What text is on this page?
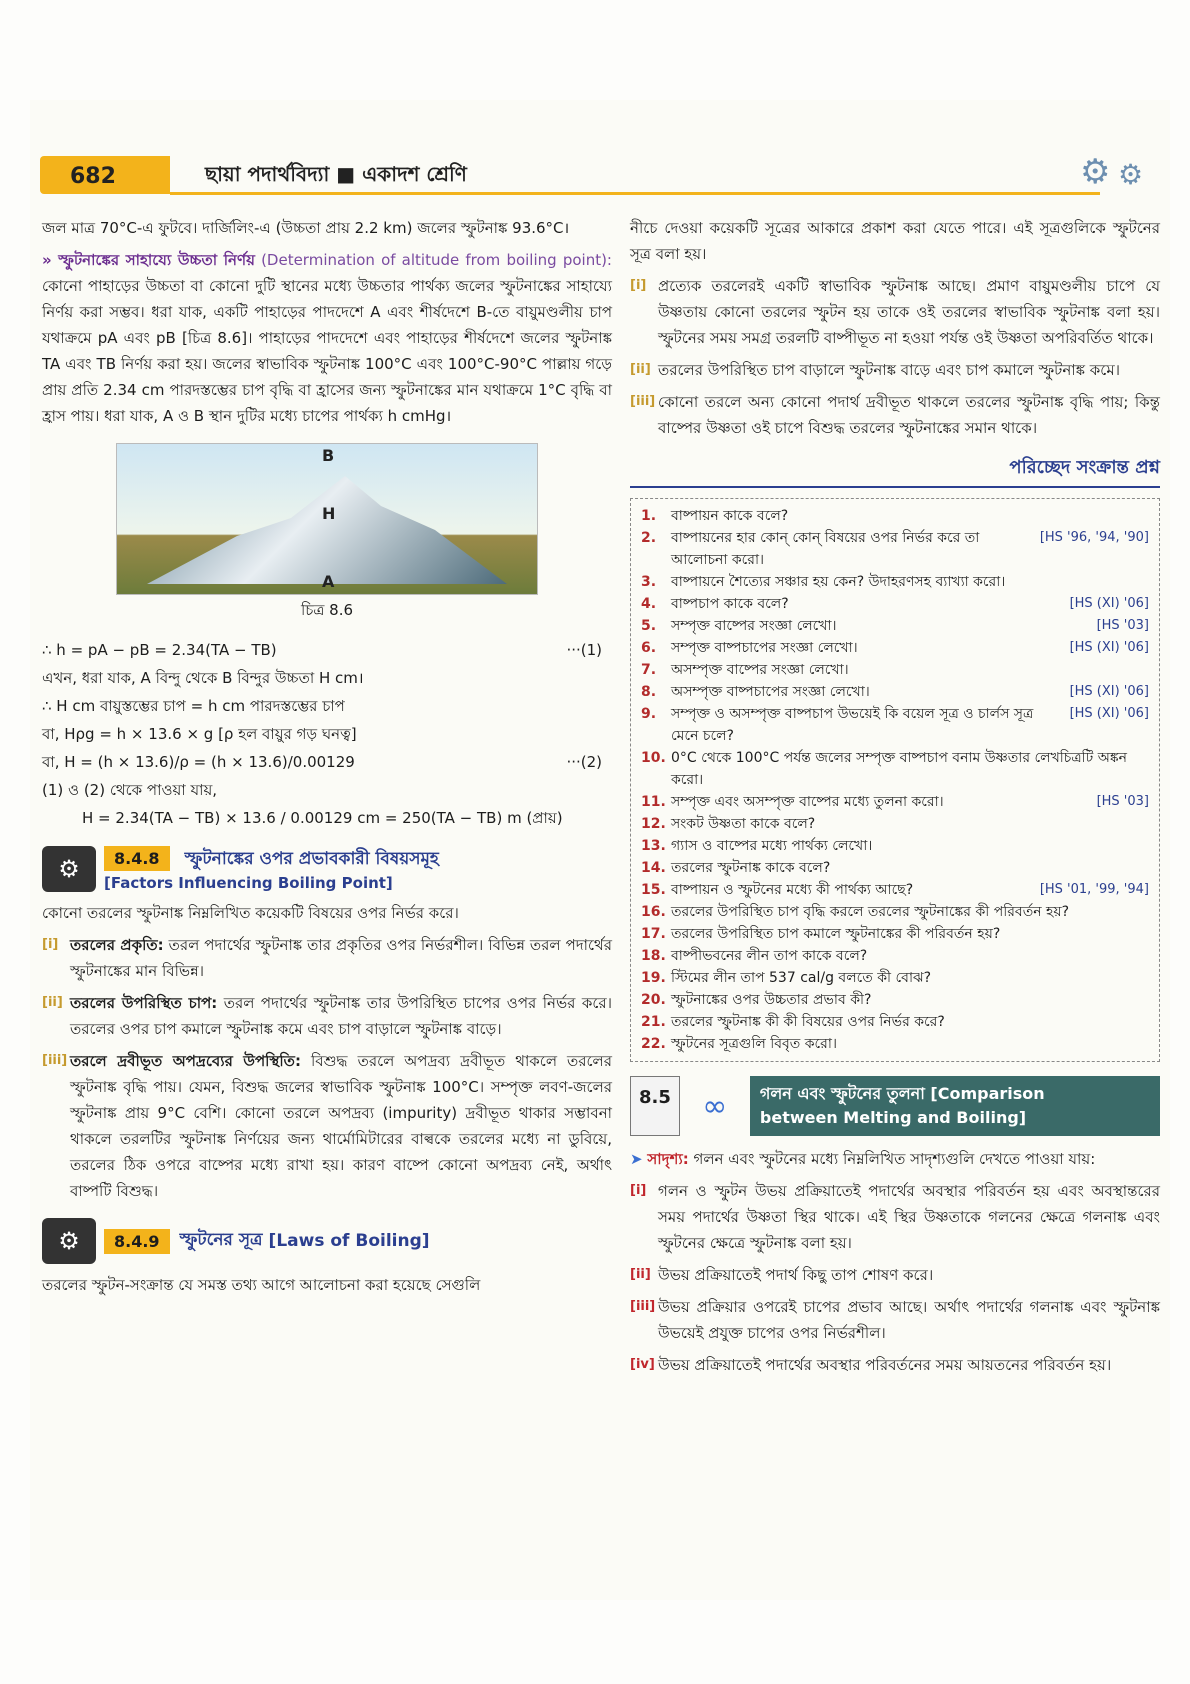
682	ছায়া পদার্থবিদ্যা ■ একাদশ শ্রেণি	⚙ ⚙

জল মাত্র 70°C-এ ফুটবে। দার্জিলিং-এ (উচ্চতা প্রায় 2.2 km) জলের স্ফুটনাঙ্ক 93.6°C।

» স্ফুটনাঙ্কের সাহায্যে উচ্চতা নির্ণয় (Determination of altitude from boiling point): কোনো পাহাড়ের উচ্চতা বা কোনো দুটি স্থানের মধ্যে উচ্চতার পার্থক্য জলের স্ফুটনাঙ্কের সাহায্যে নির্ণয় করা সম্ভব। ধরা যাক, একটি পাহাড়ের পাদদেশে A এবং শীর্ষদেশে B-তে বায়ুমণ্ডলীয় চাপ যথাক্রমে pA এবং pB [চিত্র 8.6]। পাহাড়ের পাদদেশে এবং পাহাড়ের শীর্ষদেশে জলের স্ফুটনাঙ্ক TA এবং TB নির্ণয় করা হয়। জলের স্বাভাবিক স্ফুটনাঙ্ক 100°C এবং 100°C-90°C পাল্লায় গড়ে প্রায় প্রতি 2.34 cm পারদস্তম্ভের চাপ বৃদ্ধি বা হ্রাসের জন্য স্ফুটনাঙ্কের মান যথাক্রমে 1°C বৃদ্ধি বা হ্রাস পায়। ধরা যাক, A ও B স্থান দুটির মধ্যে চাপের পার্থক্য h cmHg।

B
H
A
চিত্র 8.6
∴ h = pA − pB = 2.34(TA − TB)	···(1)
এখন, ধরা যাক, A বিন্দু থেকে B বিন্দুর উচ্চতা H cm।
∴ H cm বায়ুস্তম্ভের চাপ = h cm পারদস্তম্ভের চাপ
বা, Hρg = h × 13.6 × g [ρ হল বায়ুর গড় ঘনত্ব]
বা, H = (h × 13.6)/ρ = (h × 13.6)/0.00129	···(2)
(1) ও (2) থেকে পাওয়া যায়,
H = 2.34(TA − TB) × 13.6 / 0.00129 cm = 250(TA − TB) m (প্রায়)
⚙	8.4.8 স্ফুটনাঙ্কের ওপর প্রভাবকারী বিষয়সমূহ
[Factors Influencing Boiling Point]

কোনো তরলের স্ফুটনাঙ্ক নিম্নলিখিত কয়েকটি বিষয়ের ওপর নির্ভর করে।

[i] তরলের প্রকৃতি: তরল পদার্থের স্ফুটনাঙ্ক তার প্রকৃতির ওপর নির্ভরশীল। বিভিন্ন তরল পদার্থের স্ফুটনাঙ্কের মান বিভিন্ন।

[ii] তরলের উপরিস্থিত চাপ: তরল পদার্থের স্ফুটনাঙ্ক তার উপরিস্থিত চাপের ওপর নির্ভর করে। তরলের ওপর চাপ কমালে স্ফুটনাঙ্ক কমে এবং চাপ বাড়ালে স্ফুটনাঙ্ক বাড়ে।

[iii] তরলে দ্রবীভূত অপদ্রব্যের উপস্থিতি: বিশুদ্ধ তরলে অপদ্রব্য দ্রবীভূত থাকলে তরলের স্ফুটনাঙ্ক বৃদ্ধি পায়। যেমন, বিশুদ্ধ জলের স্বাভাবিক স্ফুটনাঙ্ক 100°C। সম্পৃক্ত লবণ-জলের স্ফুটনাঙ্ক প্রায় 9°C বেশি। কোনো তরলে অপদ্রব্য (impurity) দ্রবীভূত থাকার সম্ভাবনা থাকলে তরলটির স্ফুটনাঙ্ক নির্ণয়ের জন্য থার্মোমিটারের বাল্বকে তরলের মধ্যে না ডুবিয়ে, তরলের ঠিক ওপরে বাষ্পের মধ্যে রাখা হয়। কারণ বাষ্পে কোনো অপদ্রব্য নেই, অর্থাৎ বাষ্পটি বিশুদ্ধ।

⚙	8.4.9	স্ফুটনের সূত্র [Laws of Boiling]

তরলের স্ফুটন-সংক্রান্ত যে সমস্ত তথ্য আগে আলোচনা করা হয়েছে সেগুলি

নীচে দেওয়া কয়েকটি সূত্রের আকারে প্রকাশ করা যেতে পারে। এই সূত্রগুলিকে স্ফুটনের সূত্র বলা হয়।

[i] প্রত্যেক তরলেরই একটি স্বাভাবিক স্ফুটনাঙ্ক আছে। প্রমাণ বায়ুমণ্ডলীয় চাপে যে উষ্ণতায় কোনো তরলের স্ফুটন হয় তাকে ওই তরলের স্বাভাবিক স্ফুটনাঙ্ক বলা হয়। স্ফুটনের সময় সমগ্র তরলটি বাষ্পীভূত না হওয়া পর্যন্ত ওই উষ্ণতা অপরিবর্তিত থাকে।

[ii] তরলের উপরিস্থিত চাপ বাড়ালে স্ফুটনাঙ্ক বাড়ে এবং চাপ কমালে স্ফুটনাঙ্ক কমে।

[iii] কোনো তরলে অন্য কোনো পদার্থ দ্রবীভূত থাকলে তরলের স্ফুটনাঙ্ক বৃদ্ধি পায়; কিন্তু বাষ্পের উষ্ণতা ওই চাপে বিশুদ্ধ তরলের স্ফুটনাঙ্কের সমান থাকে।

পরিচ্ছেদ সংক্রান্ত প্রশ্ন
1.	বাষ্পায়ন কাকে বলে?
2.	বাষ্পায়নের হার কোন্ কোন্ বিষয়ের ওপর নির্ভর করে তা আলোচনা করো।
[HS '96, '94, '90]
3.	বাষ্পায়নে শৈত্যের সঞ্চার হয় কেন? উদাহরণসহ ব্যাখ্যা করো।
4.	বাষ্পচাপ কাকে বলে?	[HS (XI) '06]
5.	সম্পৃক্ত বাষ্পের সংজ্ঞা লেখো।	[HS '03]
6.	সম্পৃক্ত বাষ্পচাপের সংজ্ঞা লেখো।	[HS (XI) '06]
7.	অসম্পৃক্ত বাষ্পের সংজ্ঞা লেখো।
8.	অসম্পৃক্ত বাষ্পচাপের সংজ্ঞা লেখো।	[HS (XI) '06]
9.	সম্পৃক্ত ও অসম্পৃক্ত বাষ্পচাপ উভয়েই কি বয়েল সূত্র ও চার্লস সূত্র মেনে চলে?
[HS (XI) '06]
10. 0°C থেকে 100°C পর্যন্ত জলের সম্পৃক্ত বাষ্পচাপ বনাম উষ্ণতার লেখচিত্রটি অঙ্কন করো।
11. সম্পৃক্ত এবং অসম্পৃক্ত বাষ্পের মধ্যে তুলনা করো।	[HS '03]
12. সংকট উষ্ণতা কাকে বলে?
13. গ্যাস ও বাষ্পের মধ্যে পার্থক্য লেখো।
14. তরলের স্ফুটনাঙ্ক কাকে বলে?
15. বাষ্পায়ন ও স্ফুটনের মধ্যে কী পার্থক্য আছে?	[HS '01, '99, '94]
16. তরলের উপরিস্থিত চাপ বৃদ্ধি করলে তরলের স্ফুটনাঙ্কের কী পরিবর্তন হয়?
17. তরলের উপরিস্থিত চাপ কমালে স্ফুটনাঙ্কের কী পরিবর্তন হয়?
18. বাষ্পীভবনের লীন তাপ কাকে বলে?
19. স্টিমের লীন তাপ 537 cal/g বলতে কী বোঝ?
20. স্ফুটনাঙ্কের ওপর উচ্চতার প্রভাব কী?
21. তরলের স্ফুটনাঙ্ক কী কী বিষয়ের ওপর নির্ভর করে?
22. স্ফুটনের সূত্রগুলি বিবৃত করো।
8.5	∞	গলন এবং স্ফুটনের তুলনা [Comparison
between Melting and Boiling]

➤ সাদৃশ্য: গলন এবং স্ফুটনের মধ্যে নিম্নলিখিত সাদৃশ্যগুলি দেখতে পাওয়া যায়:

[i] গলন ও স্ফুটন উভয় প্রক্রিয়াতেই পদার্থের অবস্থার পরিবর্তন হয় এবং অবস্থান্তরের সময় পদার্থের উষ্ণতা স্থির থাকে। এই স্থির উষ্ণতাকে গলনের ক্ষেত্রে গলনাঙ্ক এবং স্ফুটনের ক্ষেত্রে স্ফুটনাঙ্ক বলা হয়।

[ii] উভয় প্রক্রিয়াতেই পদার্থ কিছু তাপ শোষণ করে।

[iii] উভয় প্রক্রিয়ার ওপরেই চাপের প্রভাব আছে। অর্থাৎ পদার্থের গলনাঙ্ক এবং স্ফুটনাঙ্ক উভয়েই প্রযুক্ত চাপের ওপর নির্ভরশীল।

[iv] উভয় প্রক্রিয়াতেই পদার্থের অবস্থার পরিবর্তনের সময় আয়তনের পরিবর্তন হয়।
